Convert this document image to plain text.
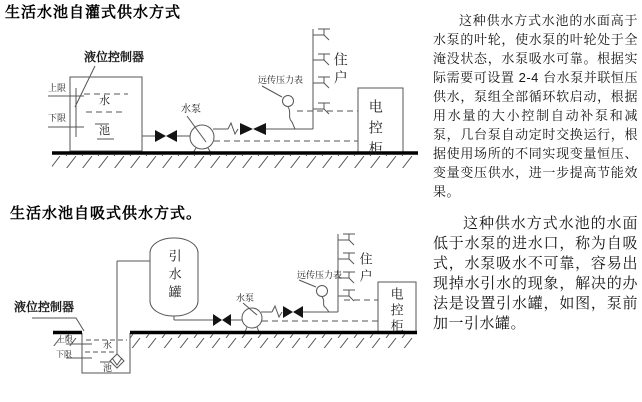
生活水池自灌式供水方式
液位控制器
上限
下限
水
池
水泵
远传压力表 住户
电控柜
生活水池自吸式供水方式。
引水罐
液位控制器
上限
下限
水
池
水泵
远传压力表 住户
电控柜
这种供水方式水池的水面高于水泵的叶轮，使水泵的叶轮处于全淹没状态，水泵吸水可靠。根据实际需要可设置 2-4 台水泵并联恒压供水，泵组全部循环软启动，根据用水量的大小控制自动补泵和减泵，几台泵自动定时交换运行，根据使用场所的不同实现变量恒压、变量变压供水，进一步提高节能效果。
这种供水方式水池的水面低于水泵的进水口，称为自吸式，水泵吸水不可靠，容易出现掉水引水的现象，解决的办法是设置引水罐，如图，泵前加一引水罐。
